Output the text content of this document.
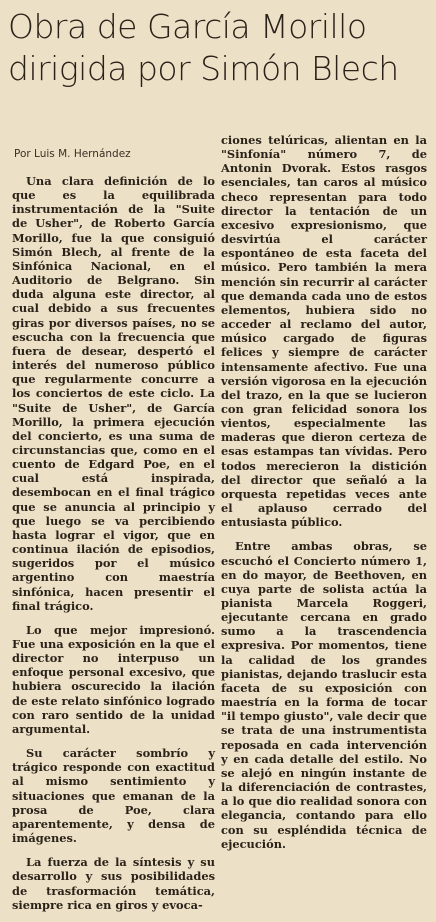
Obra de García Morillo
dirigida por Simón Blech
Por Luis M. Hernández

Una clara definición de lo que es la equilibrada instrumentación de la "Suite de Usher", de Roberto García Morillo, fue la que consiguió Simón Blech, al frente de la Sinfónica Nacional, en el Auditorio de Belgrano. Sin duda alguna este director, al cual debido a sus frecuentes giras por diversos países, no se escucha con la frecuencia que fuera de desear, despertó el interés del numeroso público que regularmente concurre a los conciertos de este ciclo. La "Suite de Usher", de García Morillo, la primera ejecución del concierto, es una suma de circunstancias que, como en el cuento de Edgard Poe, en el cual está inspirada, desembocan en el final trágico que se anuncia al principio y que luego se va percibiendo hasta lograr el vigor, que en continua ilación de episodios, sugeridos por el músico argentino con maestría sinfónica, hacen presentir el final trágico.

Lo que mejor impresionó. Fue una exposición en la que el director no interpuso un enfoque personal excesivo, que hubiera oscurecido la ilación de este relato sinfónico logrado con raro sentido de la unidad argumental.

Su carácter sombrío y trágico responde con exactitud al mismo sentimiento y situaciones que emanan de la prosa de Poe, clara aparentemente, y densa de imágenes.

La fuerza de la síntesis y su desarrollo y sus posibilidades de trasformación temática, siempre rica en giros y evoca-

ciones telúricas, alientan en la "Sinfonía" número 7, de Antonin Dvorak. Estos rasgos esenciales, tan caros al músico checo representan para todo director la tentación de un excesivo expresionismo, que desvirtúa el carácter espontáneo de esta faceta del músico. Pero también la mera mención sin recurrir al carácter que demanda cada uno de estos elementos, hubiera sido no acceder al reclamo del autor, músico cargado de figuras felices y siempre de carácter intensamente afectivo. Fue una versión vigorosa en la ejecución del trazo, en la que se lucieron con gran felicidad sonora los vientos, especialmente las maderas que dieron certeza de esas estampas tan vívidas. Pero todos merecieron la distición del director que señaló a la orquesta repetidas veces ante el aplauso cerrado del entusiasta público.

Entre ambas obras, se escuchó el Concierto número 1, en do mayor, de Beethoven, en cuya parte de solista actúa la pianista Marcela Roggeri, ejecutante cercana en grado sumo a la trascendencia expresiva. Por momentos, tiene la calidad de los grandes pianistas, dejando traslucir esta faceta de su exposición con maestría en la forma de tocar "il tempo giusto", vale decir que se trata de una instrumentista reposada en cada intervención y en cada detalle del estilo. No se alejó en ningún instante de la diferenciación de contrastes, a lo que dio realidad sonora con elegancia, contando para ello con su espléndida técnica de ejecución.
